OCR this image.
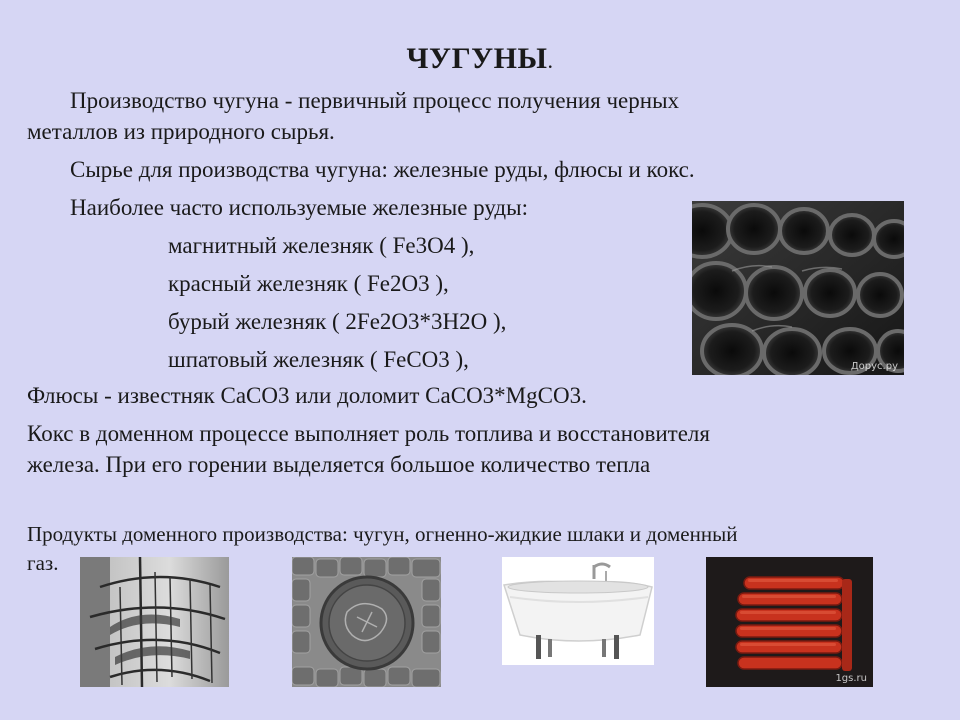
ЧУГУНЫ.
Производство чугуна - первичный процесс получения черных
металлов из природного сырья.
Сырье для производства чугуна: железные руды, флюсы и кокс.
Наиболее часто используемые железные руды:
магнитный железняк ( Fe3O4 ),
красный железняк ( Fe2O3 ),
бурый железняк ( 2Fe2O3*3H2O ),
шпатовый железняк ( FeCO3 ),
Флюсы - известняк CaCO3 или доломит CaCO3*MgCO3.
Кокс в доменном процессе выполняет роль топлива и восстановителя
железа. При его горении выделяется большое количество тепла
Продукты доменного производства: чугун, огненно-жидкие шлаки и доменный
газ.
Дорус.ру
1gs.ru
